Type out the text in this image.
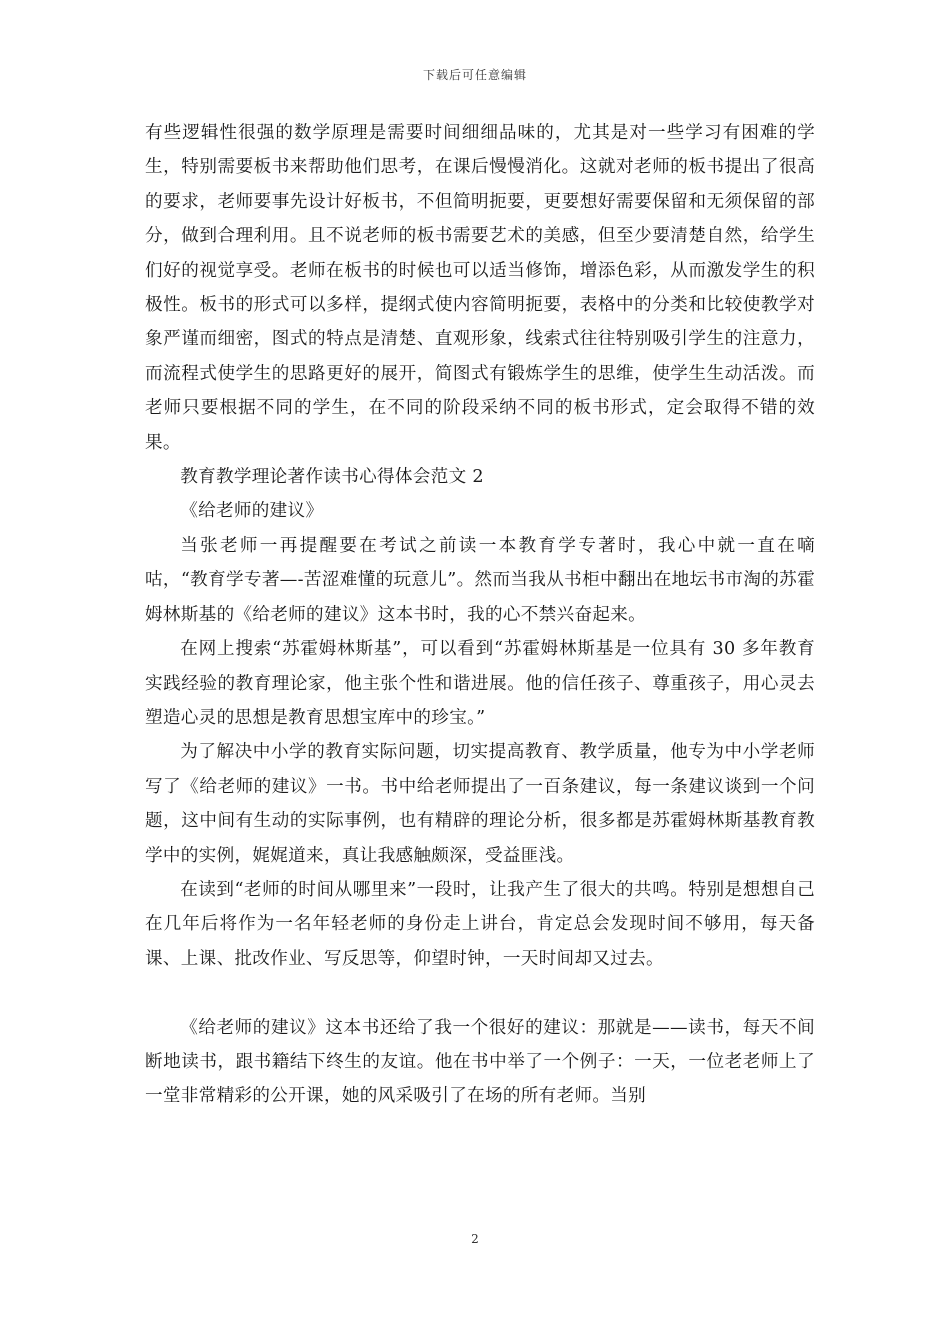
下载后可任意编辑

有些逻辑性很强的数学原理是需要时间细细品味的，尤其是对一些学习有困难的学生，特别需要板书来帮助他们思考，在课后慢慢消化。这就对老师的板书提出了很高的要求，老师要事先设计好板书，不但简明扼要，更要想好需要保留和无须保留的部分，做到合理利用。且不说老师的板书需要艺术的美感，但至少要清楚自然，给学生们好的视觉享受。老师在板书的时候也可以适当修饰，增添色彩，从而激发学生的积极性。板书的形式可以多样，提纲式使内容简明扼要，表格中的分类和比较使教学对象严谨而细密，图式的特点是清楚、直观形象，线索式往往特别吸引学生的注意力，而流程式使学生的思路更好的展开，简图式有锻炼学生的思维，使学生生动活泼。而老师只要根据不同的学生，在不同的阶段采纳不同的板书形式，定会取得不错的效果。

教育教学理论著作读书心得体会范文 2

《给老师的建议》

当张老师一再提醒要在考试之前读一本教育学专著时，我心中就一直在嘀咕，“教育学专著—-苦涩难懂的玩意儿”。然而当我从书柜中翻出在地坛书市淘的苏霍姆林斯基的《给老师的建议》这本书时，我的心不禁兴奋起来。

在网上搜索“苏霍姆林斯基”，可以看到“苏霍姆林斯基是一位具有 30 多年教育实践经验的教育理论家，他主张个性和谐进展。他的信任孩子、尊重孩子，用心灵去塑造心灵的思想是教育思想宝库中的珍宝。”

为了解决中小学的教育实际问题，切实提高教育、教学质量，他专为中小学老师写了《给老师的建议》一书。书中给老师提出了一百条建议，每一条建议谈到一个问题，这中间有生动的实际事例，也有精辟的理论分析，很多都是苏霍姆林斯基教育教学中的实例，娓娓道来，真让我感触颇深，受益匪浅。

在读到“老师的时间从哪里来”一段时，让我产生了很大的共鸣。特别是想想自己在几年后将作为一名年轻老师的身份走上讲台，肯定总会发现时间不够用，每天备课、上课、批改作业、写反思等，仰望时钟，一天时间却又过去。

《给老师的建议》这本书还给了我一个很好的建议：那就是——读书，每天不间断地读书，跟书籍结下终生的友谊。他在书中举了一个例子：一天，一位老老师上了一堂非常精彩的公开课，她的风采吸引了在场的所有老师。当别

2
